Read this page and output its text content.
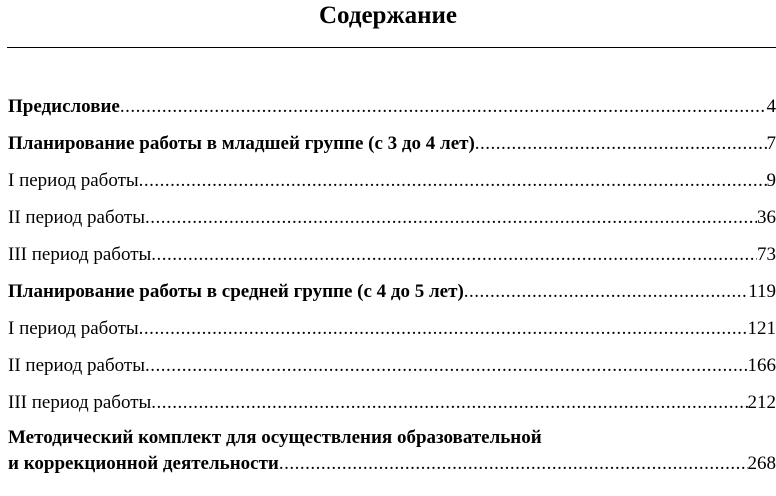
Содержание
Предисловие .....	4
Планирование работы в младшей группе (с 3 до 4 лет) .....	7
I период работы .....	9
II период работы .....	36
III период работы .....	73
Планирование работы в средней группе (с 4 до 5 лет) .....	119
I период работы .....	121
II период работы .....	166
III период работы .....	212
Методический комплект для осуществления образовательной
и коррекционной деятельности .....	268
